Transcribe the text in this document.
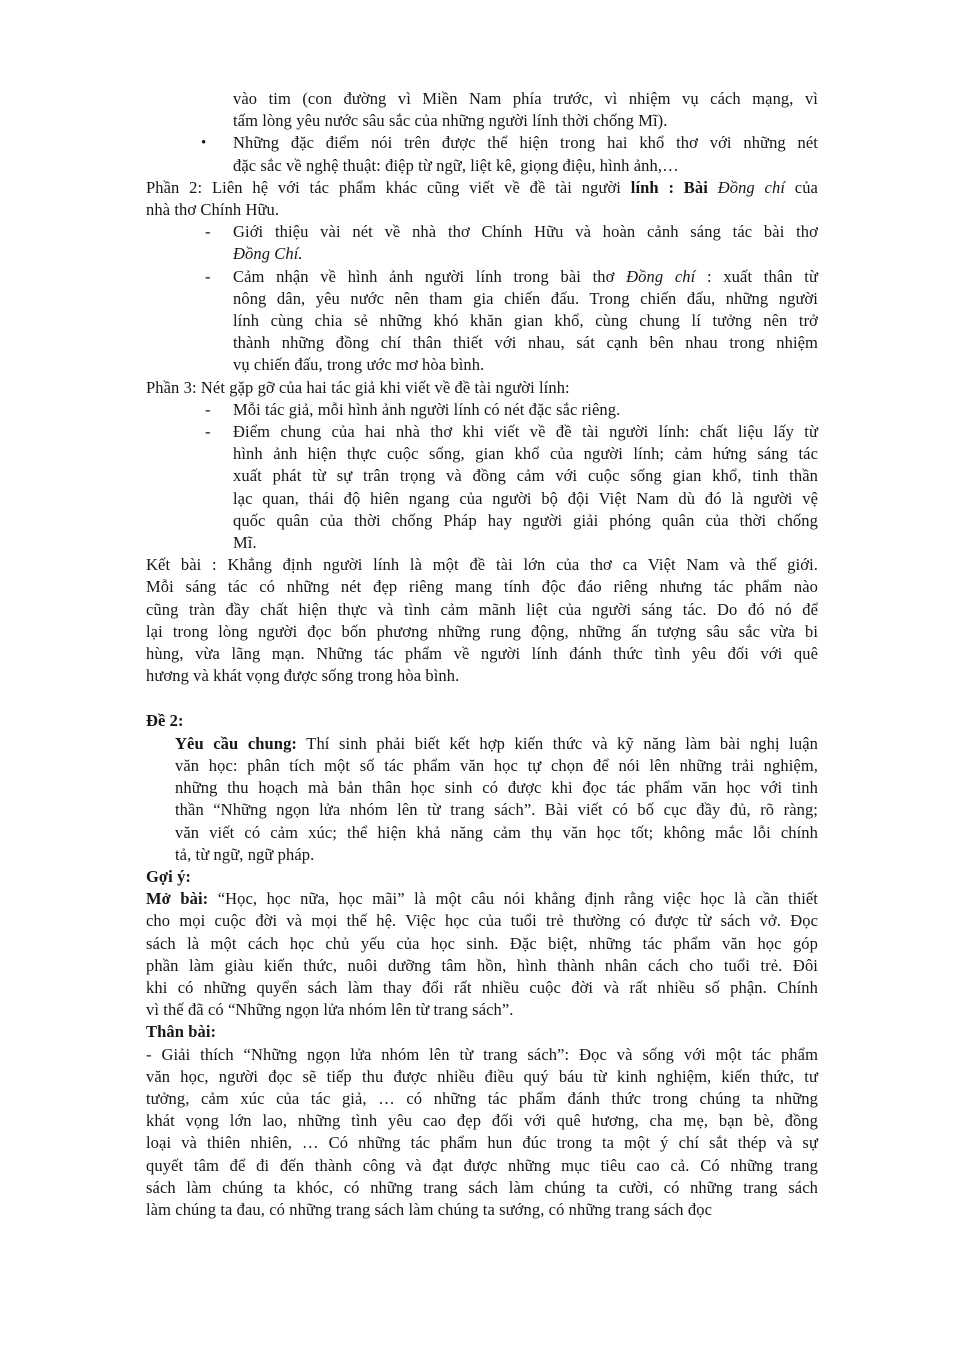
vào tim (con đường vì Miền Nam phía trước, vì nhiệm vụ cách mạng, vì
tấm lòng yêu nước sâu sắc của những người lính thời chống Mĩ).
• Những đặc điểm nói trên được thể hiện trong hai khổ thơ với những nét
đặc sắc về nghệ thuật: điệp từ ngữ, liệt kê, giọng điệu, hình ảnh,…
Phần 2: Liên hệ với tác phẩm khác cũng viết về đề tài người lính : Bài Đồng chí của
nhà thơ Chính Hữu.
- Giới thiệu vài nét về nhà thơ Chính Hữu và hoàn cảnh sáng tác bài thơ
Đồng Chí.
- Cảm nhận về hình ảnh người lính trong bài thơ Đồng chí : xuất thân từ
nông dân, yêu nước nên tham gia chiến đấu. Trong chiến đấu, những người
lính cùng chia sẻ những khó khăn gian khổ, cùng chung lí tưởng nên trở
thành những đồng chí thân thiết với nhau, sát cạnh bên nhau trong nhiệm
vụ chiến đấu, trong ước mơ hòa bình.
Phần 3: Nét gặp gỡ của hai tác giả khi viết về đề tài người lính:
- Mỗi tác giả, mỗi hình ảnh người lính có nét đặc sắc riêng.
- Điểm chung của hai nhà thơ khi viết về đề tài người lính: chất liệu lấy từ
hình ảnh hiện thực cuộc sống, gian khổ của người lính; cảm hứng sáng tác
xuất phát từ sự trân trọng và đồng cảm với cuộc sống gian khổ, tinh thần
lạc quan, thái độ hiên ngang của người bộ đội Việt Nam dù đó là người vệ
quốc quân của thời chống Pháp hay người giải phóng quân của thời chống
Mĩ.
Kết bài : Khẳng định người lính là một đề tài lớn của thơ ca Việt Nam và thế giới.
Mỗi sáng tác có những nét đẹp riêng mang tính độc đáo riêng nhưng tác phẩm nào
cũng tràn đầy chất hiện thực và tình cảm mãnh liệt của người sáng tác. Do đó nó để
lại trong lòng người đọc bốn phương những rung động, những ấn tượng sâu sắc vừa bi
hùng, vừa lãng mạn. Những tác phẩm về người lính đánh thức tình yêu đối với quê
hương và khát vọng được sống trong hòa bình.
Đề 2:
Yêu cầu chung: Thí sinh phải biết kết hợp kiến thức và kỹ năng làm bài nghị luận
văn học: phân tích một số tác phẩm văn học tự chọn để nói lên những trải nghiệm,
những thu hoạch mà bản thân học sinh có được khi đọc tác phẩm văn học với tinh
thần “Những ngọn lửa nhóm lên từ trang sách”. Bài viết có bố cục đầy đủ, rõ ràng;
văn viết có cảm xúc; thể hiện khả năng cảm thụ văn học tốt; không mắc lỗi chính
tả, từ ngữ, ngữ pháp.
Gợi ý:
Mở bài: “Học, học nữa, học mãi” là một câu nói khẳng định rằng việc học là cần thiết
cho mọi cuộc đời và mọi thế hệ. Việc học của tuổi trẻ thường có được từ sách vở. Đọc
sách là một cách học chủ yếu của học sinh. Đặc biệt, những tác phẩm văn học góp
phần làm giàu kiến thức, nuôi dưỡng tâm hồn, hình thành nhân cách cho tuổi trẻ. Đôi
khi có những quyển sách làm thay đổi rất nhiều cuộc đời và rất nhiều số phận. Chính
vì thế đã có “Những ngọn lửa nhóm lên từ trang sách”.
Thân bài:
- Giải thích “Những ngọn lửa nhóm lên từ trang sách”: Đọc và sống với một tác phẩm
văn học, người đọc sẽ tiếp thu được nhiều điều quý báu từ kinh nghiệm, kiến thức, tư
tưởng, cảm xúc của tác giả, … có những tác phẩm đánh thức trong chúng ta những
khát vọng lớn lao, những tình yêu cao đẹp đối với quê hương, cha mẹ, bạn bè, đồng
loại và thiên nhiên, … Có những tác phẩm hun đúc trong ta một ý chí sắt thép và sự
quyết tâm để đi đến thành công và đạt được những mục tiêu cao cả. Có những trang
sách làm chúng ta khóc, có những trang sách làm chúng ta cười, có những trang sách
làm chúng ta đau, có những trang sách làm chúng ta sướng, có những trang sách đọc
